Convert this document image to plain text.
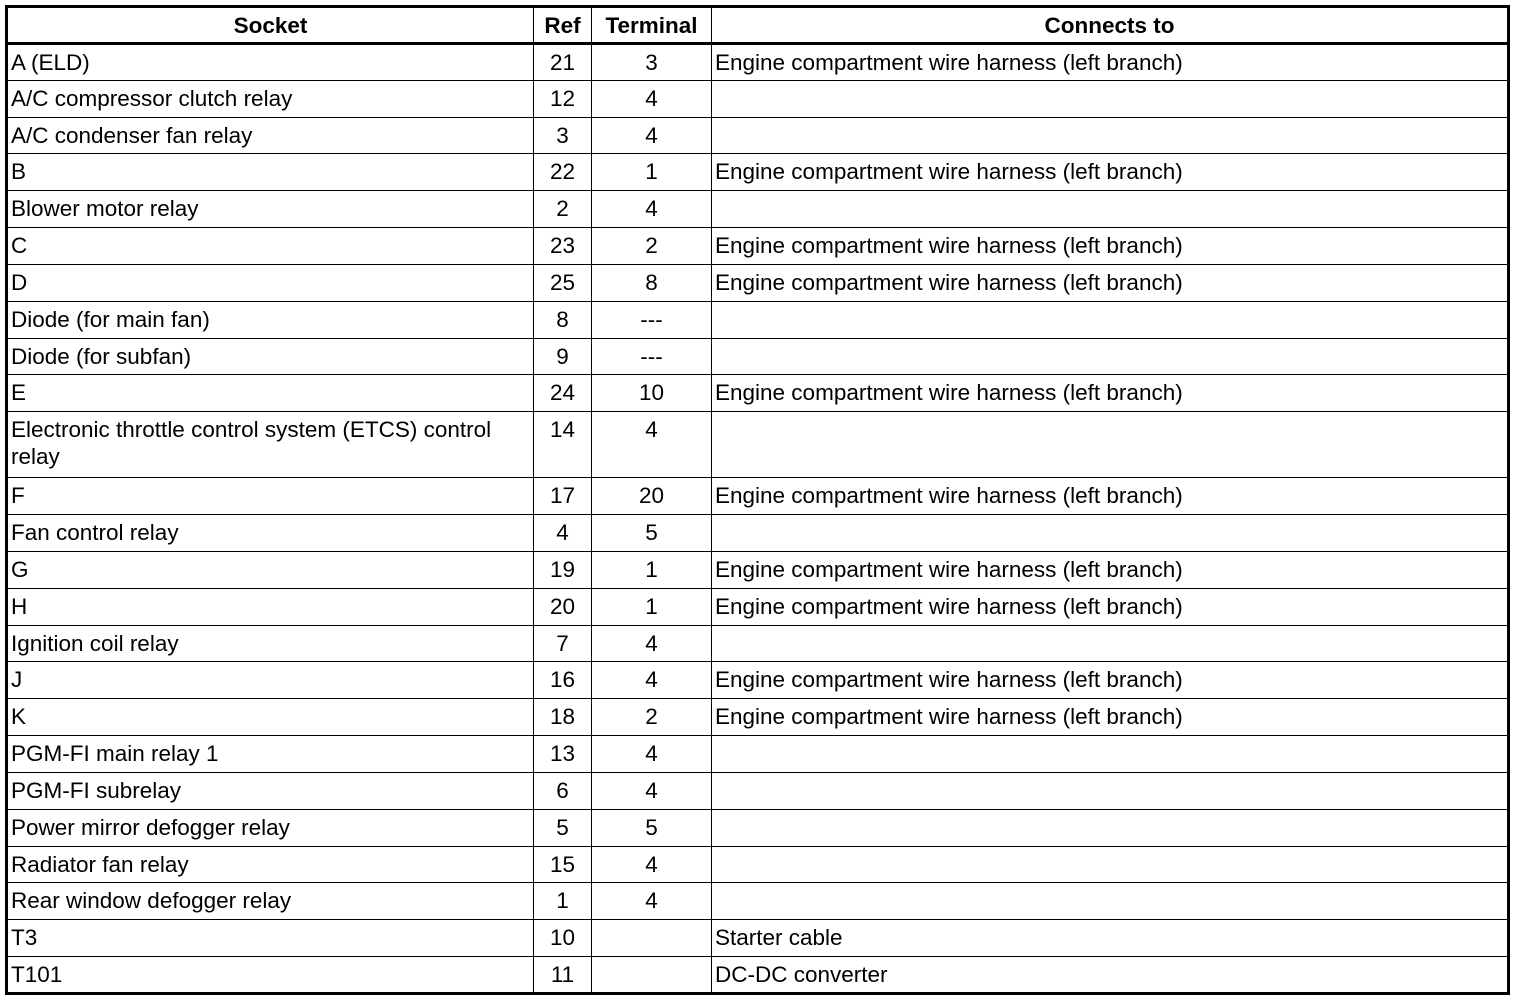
Socket	Ref	Terminal	Connects to
A (ELD)	21	3	Engine compartment wire harness (left branch)
A/C compressor clutch relay	12	4	
A/C condenser fan relay	3	4	
B	22	1	Engine compartment wire harness (left branch)
Blower motor relay	2	4	
C	23	2	Engine compartment wire harness (left branch)
D	25	8	Engine compartment wire harness (left branch)
Diode (for main fan)	8	---	
Diode (for subfan)	9	---	
E	24	10	Engine compartment wire harness (left branch)
Electronic throttle control system (ETCS) control relay	14	4	
F	17	20	Engine compartment wire harness (left branch)
Fan control relay	4	5	
G	19	1	Engine compartment wire harness (left branch)
H	20	1	Engine compartment wire harness (left branch)
Ignition coil relay	7	4	
J	16	4	Engine compartment wire harness (left branch)
K	18	2	Engine compartment wire harness (left branch)
PGM-FI main relay 1	13	4	
PGM-FI subrelay	6	4	
Power mirror defogger relay	5	5	
Radiator fan relay	15	4	
Rear window defogger relay	1	4	
T3	10		Starter cable
T101	11		DC-DC converter
